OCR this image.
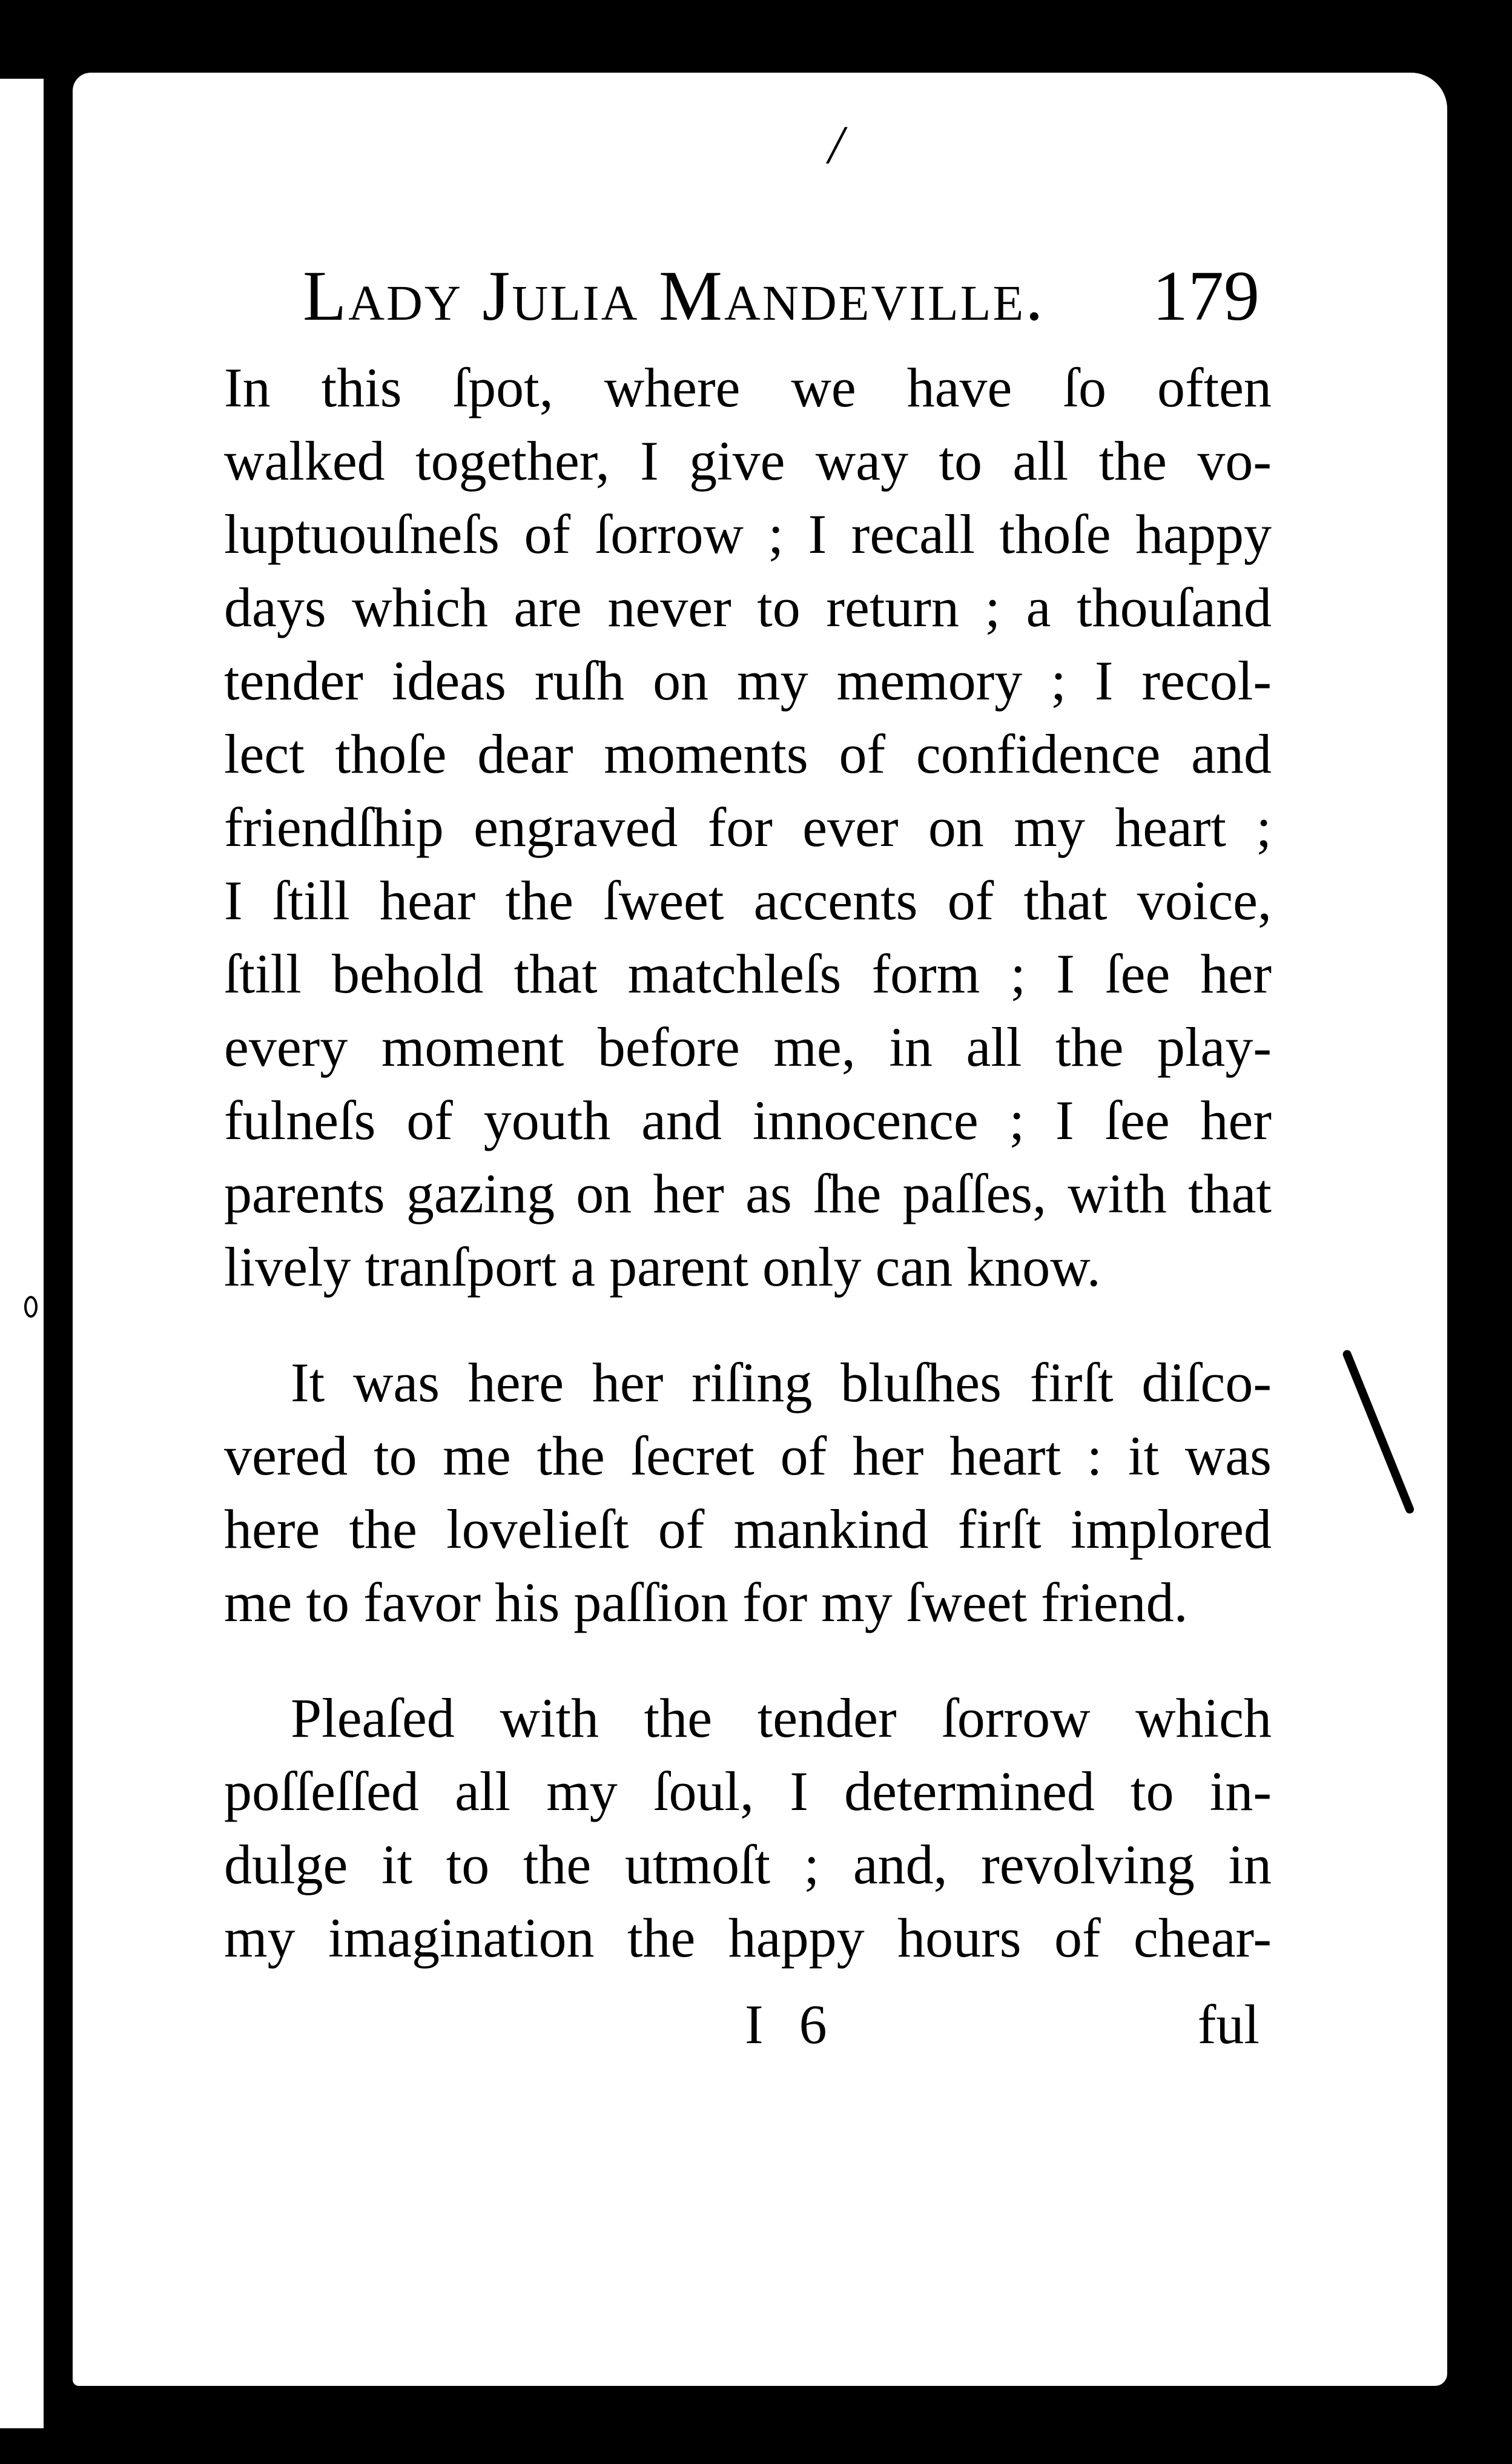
/
Lady Julia Mandeville. 179
In this ſpot, where we have ſo often
walked together, I give way to all the vo-
luptuouſneſs of ſorrow ; I recall thoſe happy
days which are never to return ; a thouſand
tender ideas ruſh on my memory ; I recol-
lect thoſe dear moments of confidence and
friendſhip engraved for ever on my heart ;
I ſtill hear the ſweet accents of that voice,
ſtill behold that matchleſs form ; I ſee her
every moment before me, in all the play-
fulneſs of youth and innocence ; I ſee her
parents gazing on her as ſhe paſſes, with that
lively tranſport a parent only can know.
It was here her riſing bluſhes firſt diſco-
vered to me the ſecret of her heart : it was
here the lovelieſt of mankind firſt implored
me to favor his paſſion for my ſweet friend.
Pleaſed with the tender ſorrow which
poſſeſſed all my ſoul, I determined to in-
dulge it to the utmoſt ; and, revolving in
my imagination the happy hours of chear-
I 6	ful
